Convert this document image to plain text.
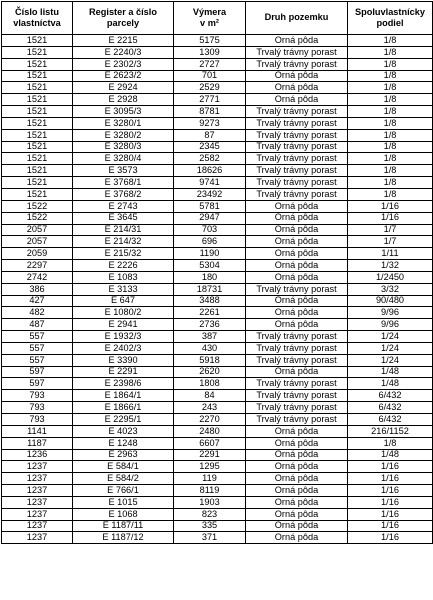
Číslo listu
vlastníctva	Register a číslo
parcely	Výmera
v m²	Druh pozemku	Spoluvlastnícky
podiel
1521	E 2215	5175	Orná pôda	1/8
1521	E 2240/3	1309	Trvalý trávny porast	1/8
1521	E 2302/3	2727	Trvalý trávny porast	1/8
1521	E 2623/2	701	Orná pôda	1/8
1521	E 2924	2529	Orná pôda	1/8
1521	E 2928	2771	Orná pôda	1/8
1521	E 3095/3	8781	Trvalý trávny porast	1/8
1521	E 3280/1	9273	Trvalý trávny porast	1/8
1521	E 3280/2	87	Trvalý trávny porast	1/8
1521	E 3280/3	2345	Trvalý trávny porast	1/8
1521	E 3280/4	2582	Trvalý trávny porast	1/8
1521	E 3573	18626	Trvalý trávny porast	1/8
1521	E 3768/1	9741	Trvalý trávny porast	1/8
1521	E 3768/2	23492	Trvalý trávny porast	1/8
1522	E 2743	5781	Orná pôda	1/16
1522	E 3645	2947	Orná pôda	1/16
2057	E 214/31	703	Orná pôda	1/7
2057	E 214/32	696	Orná pôda	1/7
2059	E 215/32	1190	Orná pôda	1/11
2297	E 2226	5304	Orná pôda	1/32
2742	E 1083	180	Orná pôda	1/2450
386	E 3133	18731	Trvalý trávny porast	3/32
427	E 647	3488	Orná pôda	90/480
482	E 1080/2	2261	Orná pôda	9/96
487	E 2941	2736	Orná pôda	9/96
557	E 1932/3	387	Trvalý trávny porast	1/24
557	E 2402/3	430	Trvalý trávny porast	1/24
557	E 3390	5918	Trvalý trávny porast	1/24
597	E 2291	2620	Orná pôda	1/48
597	E 2398/6	1808	Trvalý trávny porast	1/48
793	E 1864/1	84	Trvalý trávny porast	6/432
793	E 1866/1	243	Trvalý trávny porast	6/432
793	E 2295/1	2270	Trvalý trávny porast	6/432
1141	E 4023	2480	Orná pôda	216/1152
1187	E 1248	6607	Orná pôda	1/8
1236	E 2963	2291	Orná pôda	1/48
1237	E 584/1	1295	Orná pôda	1/16
1237	E 584/2	119	Orná pôda	1/16
1237	E 766/1	8119	Orná pôda	1/16
1237	E 1015	1903	Orná pôda	1/16
1237	E 1068	823	Orná pôda	1/16
1237	E 1187/11	335	Orná pôda	1/16
1237	E 1187/12	371	Orná pôda	1/16
